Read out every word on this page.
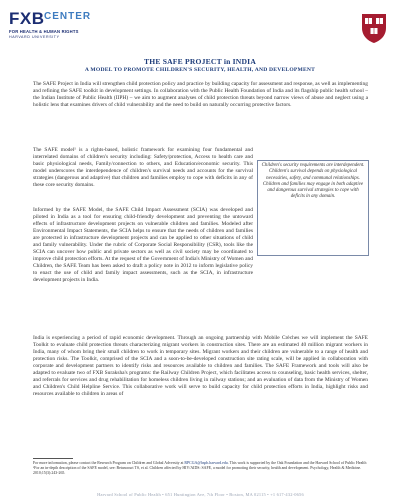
FXB CENTER
FOR HEALTH & HUMAN RIGHTS
HARVARD UNIVERSITY
THE SAFE PROJECT in INDIA
A MODEL TO PROMOTE CHILDREN'S SECURITY, HEALTH, AND DEVELOPMENT

The SAFE Project in India will strengthen child protection policy and practice by building capacity for assessment and response, as well as implementing and refining the SAFE toolkit in development settings. In collaboration with the Public Health Foundation of India and its flagship public health school – the Indian Institute of Public Health (IIPH) – we aim to augment analyses of child protection threats beyond narrow views of abuse and neglect using a holistic lens that examines drivers of child vulnerability and the need to build on naturally occurring protective factors.

The SAFE model¹ is a rights-based, holistic framework for examining four fundamental and interrelated domains of children's security including: Safety/protection, Access to health care and basic physiological needs, Family/connection to others, and Education/economic security. This model underscores the interdependence of children's survival needs and accounts for the survival strategies (dangerous and adaptive) that children and families employ to cope with deficits in any of these core security domains.

Children's security requirements are interdependent. Children's survival depends on physiological necessities, safety, and communal relationships. Children and families may engage in both adaptive and dangerous survival strategies to cope with deficits in any domain.

Informed by the SAFE Model, the SAFE Child Impact Assessment (SCIA) was developed and piloted in India as a tool for ensuring child-friendly development and preventing the untoward effects of infrastructure development projects on vulnerable children and families. Modeled after Environmental Impact Statements, the SCIA helps to ensure that the needs of children and families are protected in infrastructure development projects and can be applied to other situations of child and family vulnerability. Under the rubric of Corporate Social Responsibility (CSR), tools like the SCIA can uncover how public and private sectors as well as civil society may be coordinated to improve child protection efforts. At the request of the Government of India's Ministry of Women and Children, the SAFE Team has been asked to draft a policy note in 2012 to inform legislative policy to enact the use of child and family impact assessments, such as the SCIA, in infrastructure development projects in India.

India is experiencing a period of rapid economic development. Through an ongoing partnership with Mobile Crèches we will implement the SAFE Toolkit to evaluate child protection threats characterizing migrant workers in construction sites. There are an estimated 40 million migrant workers in India, many of whom bring their small children to work in temporary sites. Migrant workers and their children are vulnerable to a range of health and protection risks. The Toolkit, comprised of the SCIA and a soon-to-be-developed construction site rating scale, will be applied in collaboration with corporate and development partners to identify risks and resources available to children and families. The SAFE Framework and tools will also be adapted to evaluate two of FXB Suraksha's programs: the Railway Children Project, which facilitates access to counseling, basic health services, shelter, and referrals for services and drug rehabilitation for homeless children living in railway stations; and an evaluation of data from the Ministry of Women and Children's Child Helpline Service. This collaborative work will serve to build capacity for child protection efforts in India, highlight risks and resources available to children in areas of

For more information, please contact the Research Program on Children and Global Adversity at RPCGA@hsph.harvard.edu. This work is supported by the Oak Foundation and the Harvard School of Public Health
¹For an in-depth description of the SAFE model, see: Betancourt TS, et al. Children affected by HIV/AIDS: SAFE, a model for promoting their security, health and development. Psychology, Health & Medicine. 2010;15(3):243-265.
Harvard School of Public Health • 651 Huntington Ave, 7th Floor • Boston, MA 02115 • +1 617-432-0656
